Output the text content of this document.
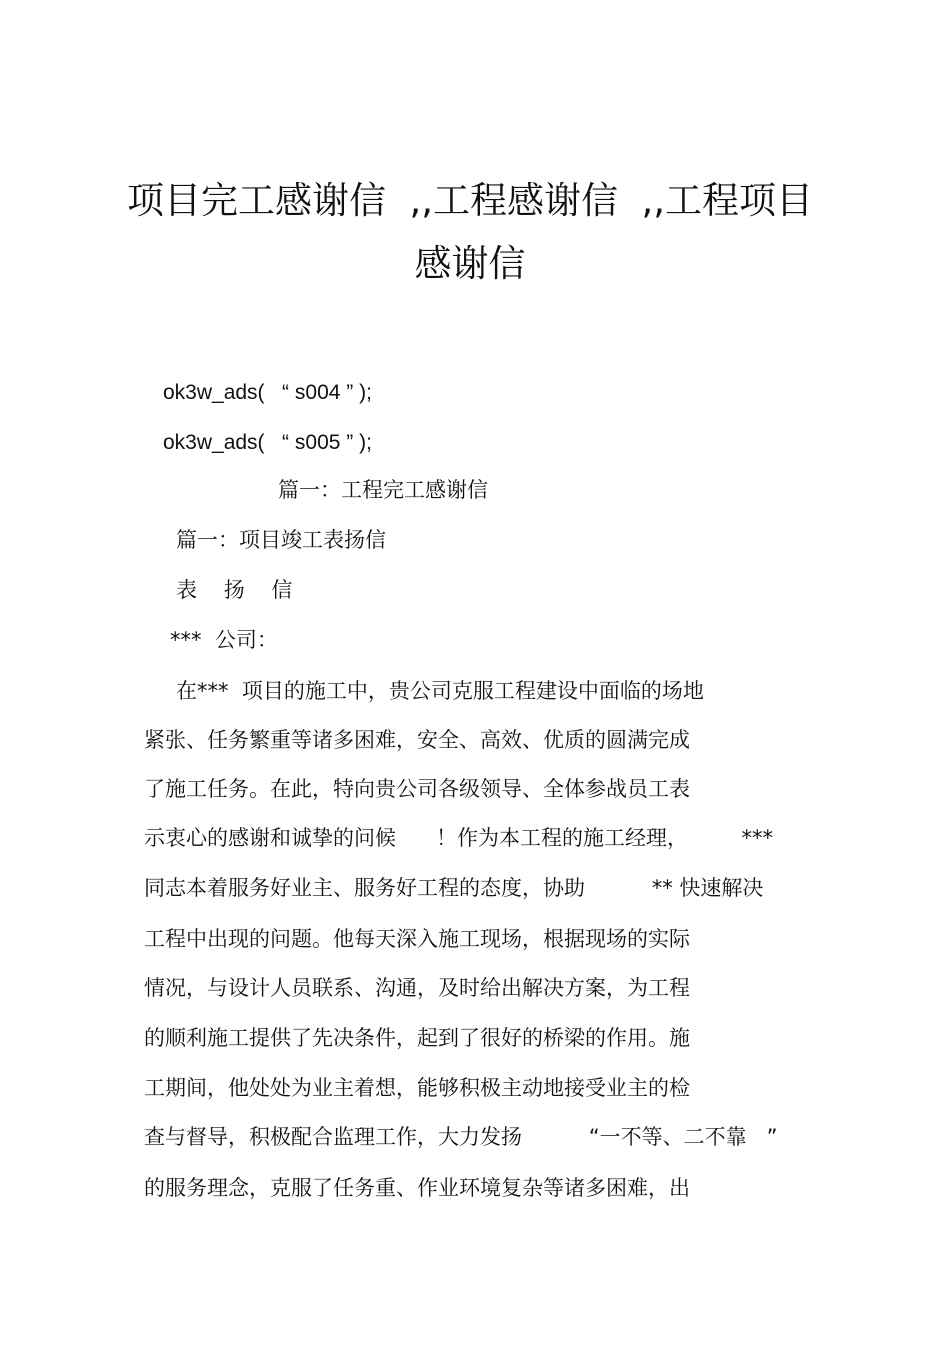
项目完工感谢信  ,,工程感谢信  ,,工程项目
感谢信
ok3w_ads(   “ s004 ” );
ok3w_ads(   “ s005 ” );
篇一：工程完工感谢信
篇一：项目竣工表扬信
表    扬    信
***  公司：
在***  项目的施工中，贵公司克服工程建设中面临的场地
紧张、任务繁重等诸多困难，安全、高效、优质的圆满完成
了施工任务。在此，特向贵公司各级领导、全体参战员工表
示衷心的感谢和诚挚的问候      ！作为本工程的施工经理，        ***
同志本着服务好业主、服务好工程的态度，协助          ** 快速解决
工程中出现的问题。他每天深入施工现场，根据现场的实际
情况，与设计人员联系、沟通，及时给出解决方案，为工程
的顺利施工提供了先决条件，起到了很好的桥梁的作用。施
工期间，他处处为业主着想，能够积极主动地接受业主的检
查与督导，积极配合监理工作，大力发扬          “一不等、二不靠   ”
的服务理念，克服了任务重、作业环境复杂等诸多困难，出
